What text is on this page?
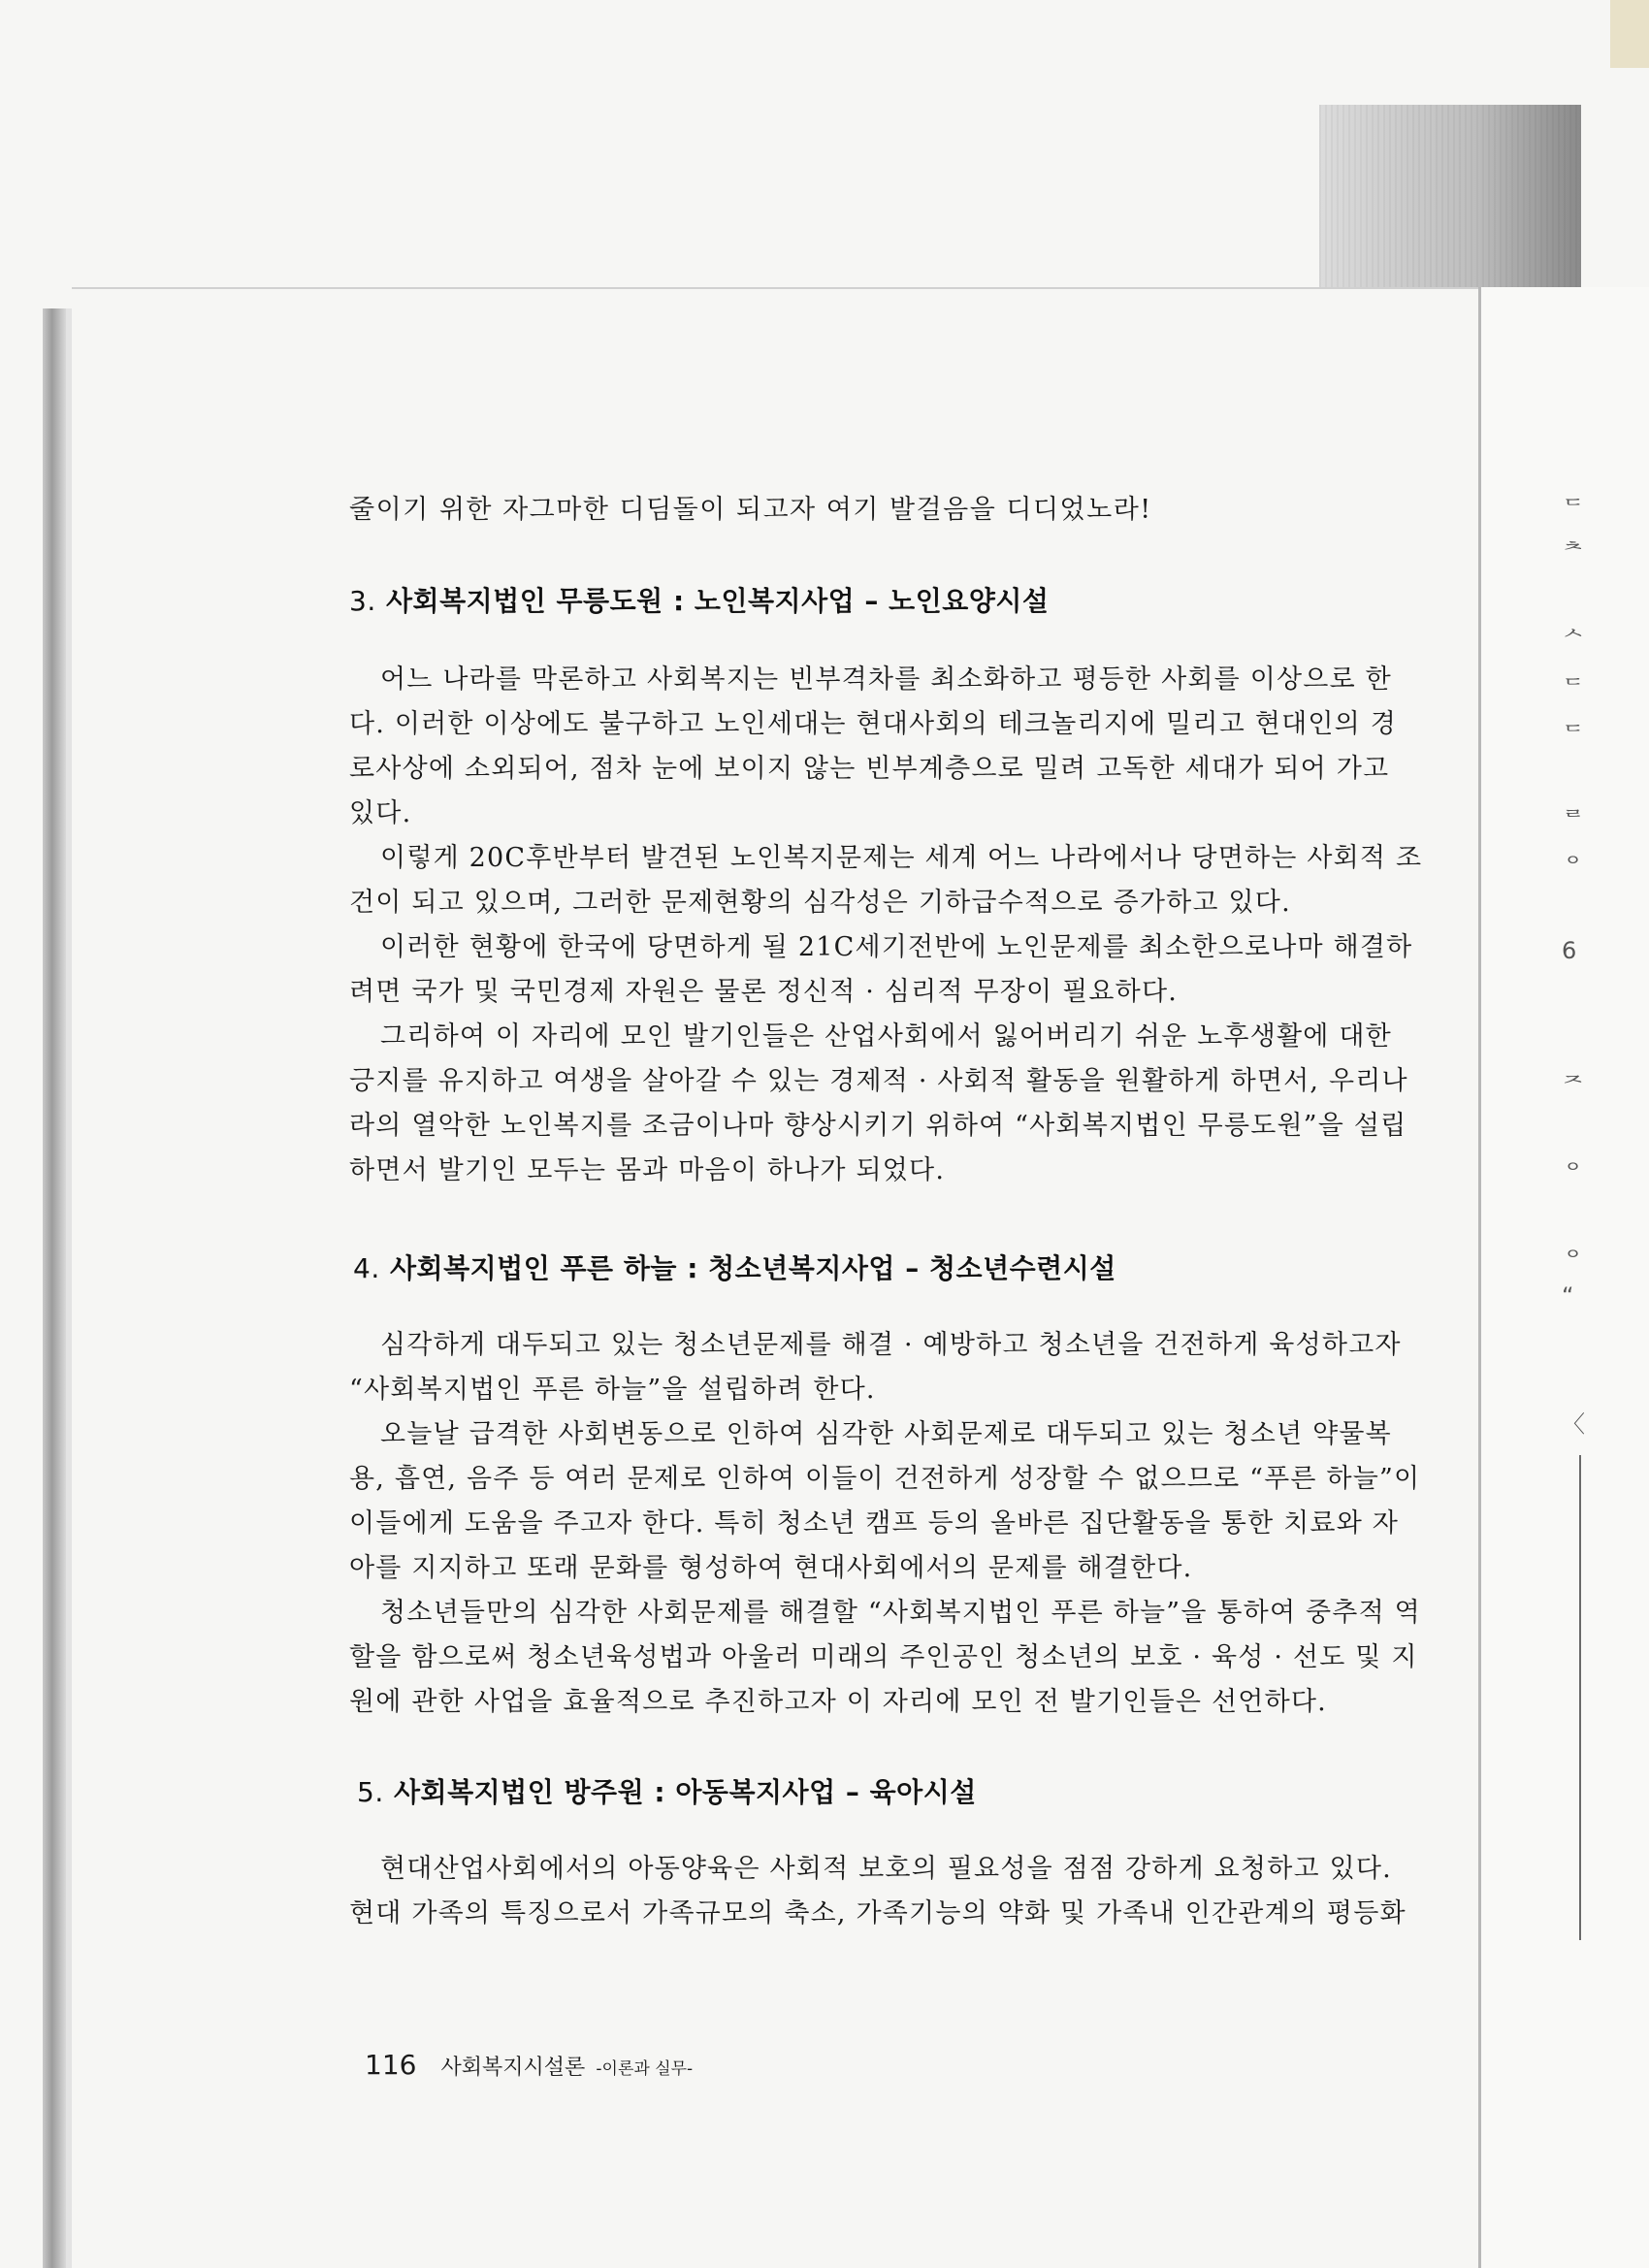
ᄃ
ᄎ
ᄉ
ᄃ
ᄃ
ᄅ
ᄋ
6
ᄌ
ᄋ
ᄋ
“
〈
줄이기 위한 자그마한 디딤돌이 되고자 여기 발걸음을 디디었노라!
3. 사회복지법인 무릉도원 : 노인복지사업 – 노인요양시설
어느 나라를 막론하고 사회복지는 빈부격차를 최소화하고 평등한 사회를 이상으로 한
다. 이러한 이상에도 불구하고 노인세대는 현대사회의 테크놀리지에 밀리고 현대인의 경
로사상에 소외되어, 점차 눈에 보이지 않는 빈부계층으로 밀려 고독한 세대가 되어 가고
있다.
이렇게 20C후반부터 발견된 노인복지문제는 세계 어느 나라에서나 당면하는 사회적 조
건이 되고 있으며, 그러한 문제현황의 심각성은 기하급수적으로 증가하고 있다.
이러한 현황에 한국에 당면하게 될 21C세기전반에 노인문제를 최소한으로나마 해결하
려면 국가 및 국민경제 자원은 물론 정신적 · 심리적 무장이 필요하다.
그리하여 이 자리에 모인 발기인들은 산업사회에서 잃어버리기 쉬운 노후생활에 대한
긍지를 유지하고 여생을 살아갈 수 있는 경제적 · 사회적 활동을 원활하게 하면서, 우리나
라의 열악한 노인복지를 조금이나마 향상시키기 위하여 “사회복지법인 무릉도원”을 설립
하면서 발기인 모두는 몸과 마음이 하나가 되었다.
4. 사회복지법인 푸른 하늘 : 청소년복지사업 – 청소년수련시설
심각하게 대두되고 있는 청소년문제를 해결 · 예방하고 청소년을 건전하게 육성하고자
“사회복지법인 푸른 하늘”을 설립하려 한다.
오늘날 급격한 사회변동으로 인하여 심각한 사회문제로 대두되고 있는 청소년 약물복
용, 흡연, 음주 등 여러 문제로 인하여 이들이 건전하게 성장할 수 없으므로 “푸른 하늘”이
이들에게 도움을 주고자 한다. 특히 청소년 캠프 등의 올바른 집단활동을 통한 치료와 자
아를 지지하고 또래 문화를 형성하여 현대사회에서의 문제를 해결한다.
청소년들만의 심각한 사회문제를 해결할 “사회복지법인 푸른 하늘”을 통하여 중추적 역
할을 함으로써 청소년육성법과 아울러 미래의 주인공인 청소년의 보호 · 육성 · 선도 및 지
원에 관한 사업을 효율적으로 추진하고자 이 자리에 모인 전 발기인들은 선언하다.
5. 사회복지법인 방주원 : 아동복지사업 – 육아시설
현대산업사회에서의 아동양육은 사회적 보호의 필요성을 점점 강하게 요청하고 있다.
현대 가족의 특징으로서 가족규모의 축소, 가족기능의 약화 및 가족내 인간관계의 평등화
116 사회복지시설론 -이론과 실무-
